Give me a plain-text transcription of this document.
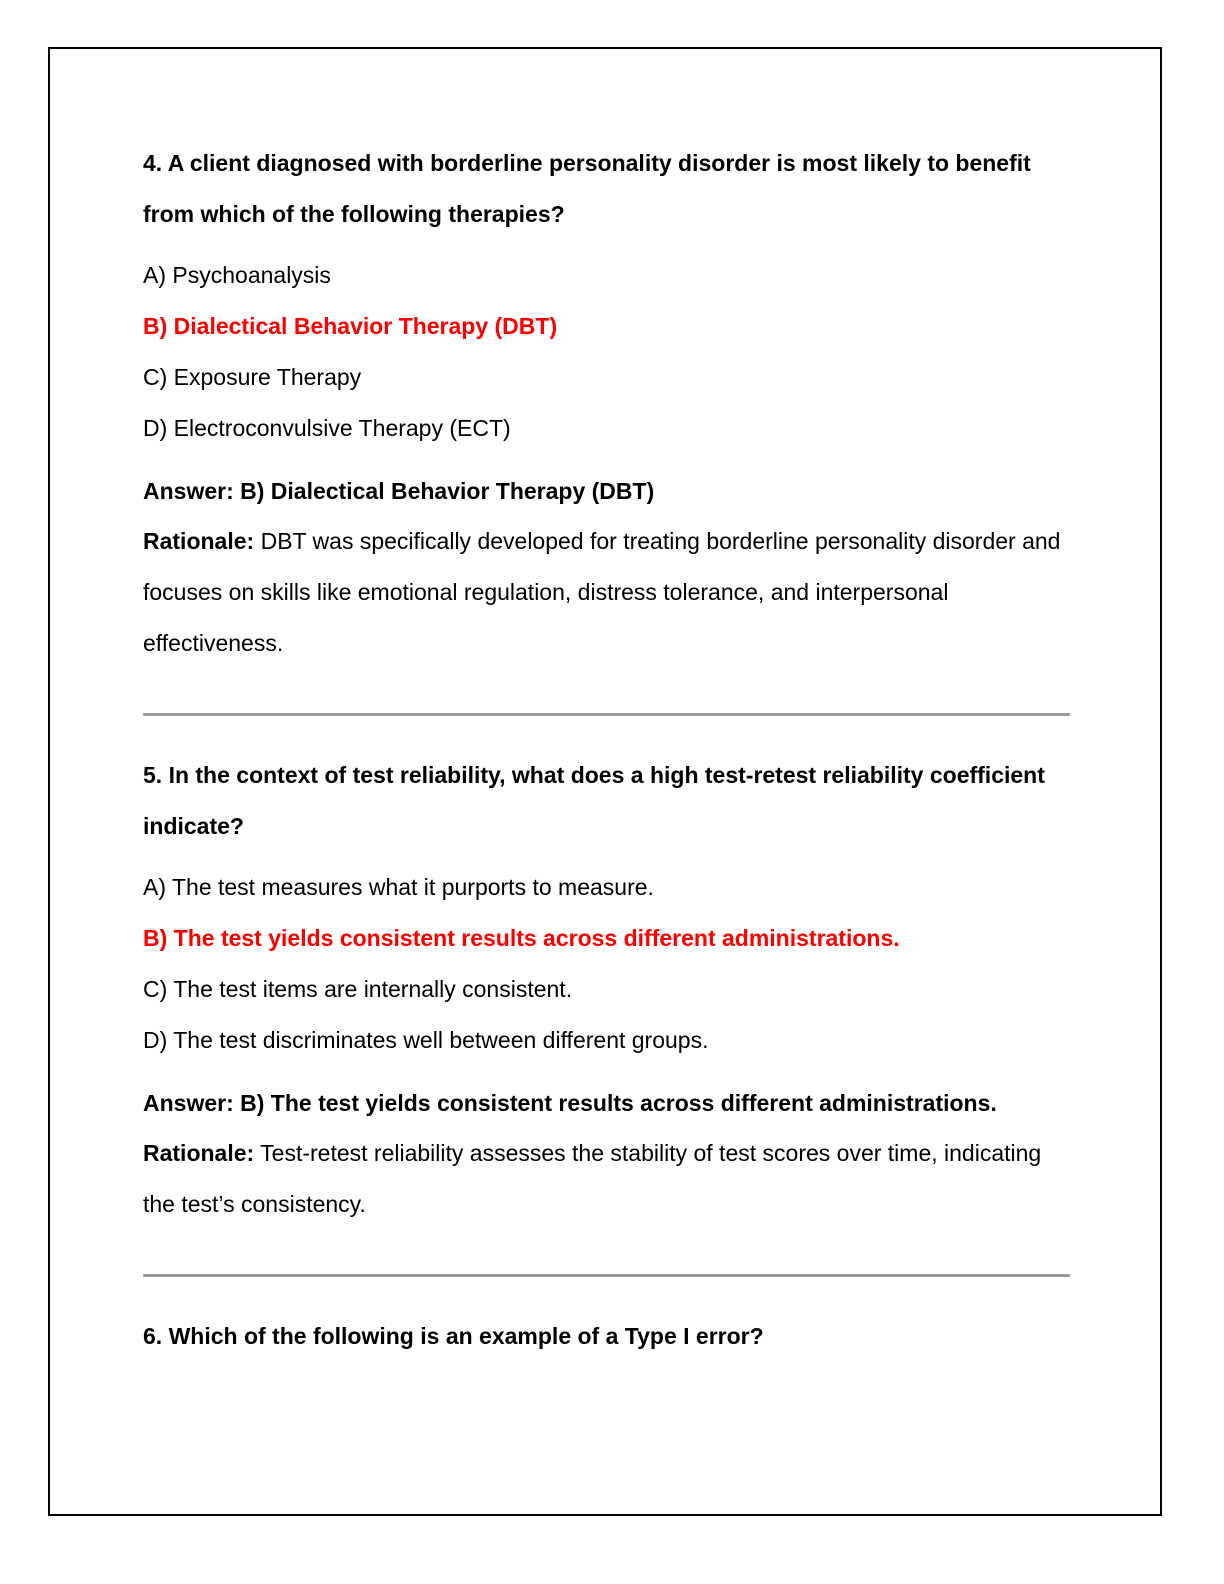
4. A client diagnosed with borderline personality disorder is most likely to benefit from which of the following therapies?

A) Psychoanalysis

B) Dialectical Behavior Therapy (DBT)

C) Exposure Therapy

D) Electroconvulsive Therapy (ECT)

Answer: B) Dialectical Behavior Therapy (DBT)

Rationale: DBT was specifically developed for treating borderline personality disorder and focuses on skills like emotional regulation, distress tolerance, and interpersonal effectiveness.

5. In the context of test reliability, what does a high test-retest reliability coefficient indicate?

A) The test measures what it purports to measure.

B) The test yields consistent results across different administrations.

C) The test items are internally consistent.

D) The test discriminates well between different groups.

Answer: B) The test yields consistent results across different administrations.

Rationale: Test-retest reliability assesses the stability of test scores over time, indicating the test’s consistency.

6. Which of the following is an example of a Type I error?
